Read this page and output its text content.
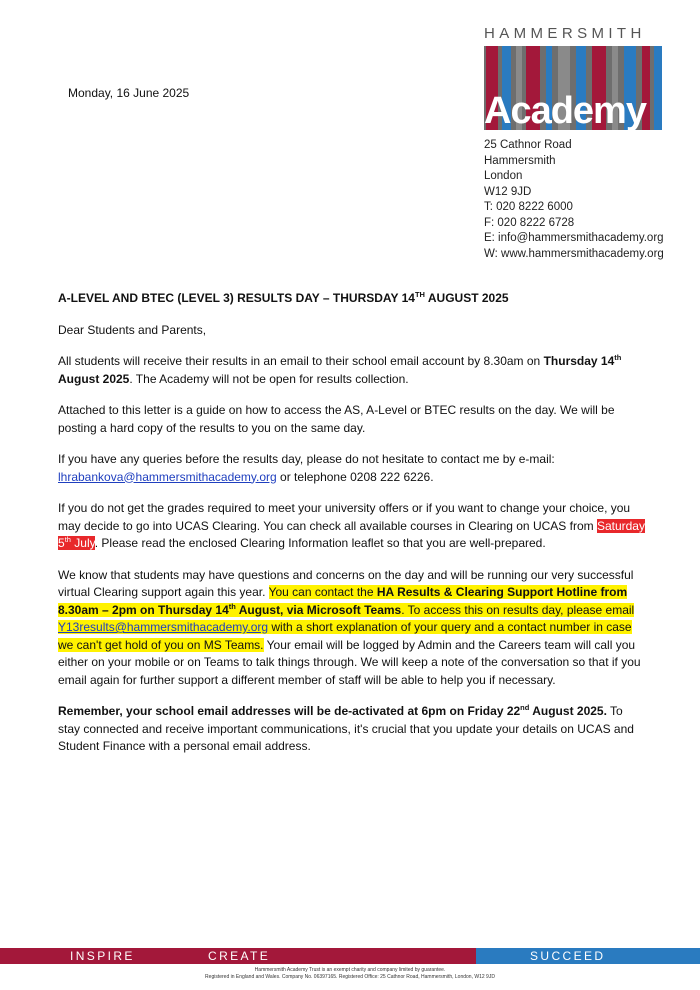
Monday, 16 June 2025
HAMMERSMITH
Academy
25 Cathnor Road
Hammersmith
London
W12 9JD
T: 020 8222 6000
F: 020 8222 6728
E: info@hammersmithacademy.org
W: www.hammersmithacademy.org
A-LEVEL AND BTEC (LEVEL 3) RESULTS DAY – THURSDAY 14TH AUGUST 2025

Dear Students and Parents,

All students will receive their results in an email to their school email account by 8.30am on Thursday 14th August 2025. The Academy will not be open for results collection.

Attached to this letter is a guide on how to access the AS, A-Level or BTEC results on the day. We will be posting a hard copy of the results to you on the same day.

If you have any queries before the results day, please do not hesitate to contact me by e-mail: lhrabankova@hammersmithacademy.org or telephone 0208 222 6226.

If you do not get the grades required to meet your university offers or if you want to change your choice, you may decide to go into UCAS Clearing. You can check all available courses in Clearing on UCAS from Saturday 5th July. Please read the enclosed Clearing Information leaflet so that you are well-prepared.

We know that students may have questions and concerns on the day and will be running our very successful virtual Clearing support again this year. You can contact the HA Results & Clearing Support Hotline from 8.30am – 2pm on Thursday 14th August, via Microsoft Teams. To access this on results day, please email Y13results@hammersmithacademy.org with a short explanation of your query and a contact number in case we can't get hold of you on MS Teams. Your email will be logged by Admin and the Careers team will call you either on your mobile or on Teams to talk things through. We will keep a note of the conversation so that if you email again for further support a different member of staff will be able to help you if necessary.

Remember, your school email addresses will be de-activated at 6pm on Friday 22nd August 2025. To stay connected and receive important communications, it's crucial that you update your details on UCAS and Student Finance with a personal email address.

INSPIRE	CREATE	SUCCEED
Hammersmith Academy Trust is an exempt charity and company limited by guarantee.
Registered in England and Wales. Company No. 06397165. Registered Office: 25 Cathnor Road, Hammersmith, London, W12 9JD
